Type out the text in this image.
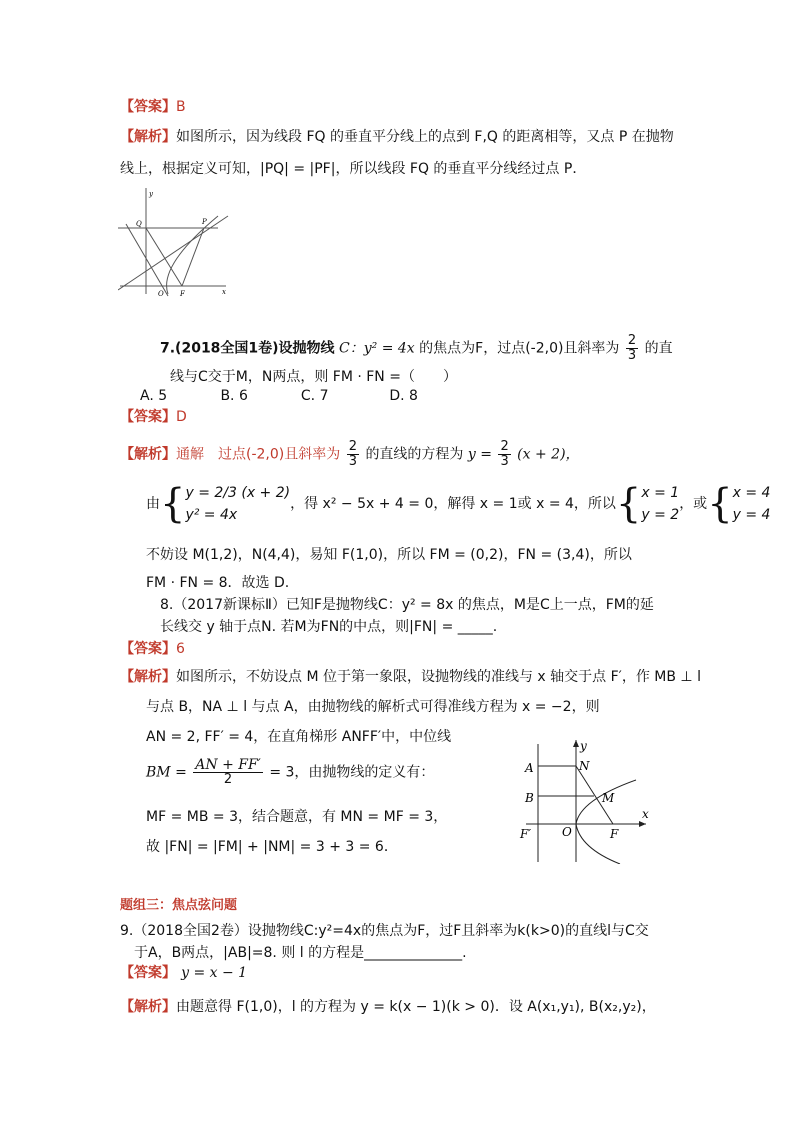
【答案】B
【解析】如图所示，因为线段 FQ 的垂直平分线上的点到 F,Q 的距离相等，又点 P 在抛物
线上，根据定义可知，|PQ| = |PF|，所以线段 FQ 的垂直平分线经过点 P．
y
x
Q	P
O F
7.(2018全国1卷)设抛物线 C：y² = 4x 的焦点为F，过点(-2,0)且斜率为 $\frac{2}{3}$ 的直
线与C交于M，N两点，则 FM · FN =（　　）
A. 5	B. 6	C. 7	D. 8
【答案】D
【解析】通解　过点(-2,0)且斜率为 $\frac{2}{3}$ 的直线的方程为 $y = \frac{2}{3} (x + 2)$，
由{ y = 2/3 (x + 2)
y² = 4x
，得 x² − 5x + 4 = 0，解得 x = 1或 x = 4，所以{ x = 1
y = 2
，或{ x = 4
y = 4
不妨设 M(1,2)，N(4,4)，易知 F(1,0)，所以 FM = (0,2)，FN = (3,4)，所以
FM · FN = 8．故选 D.
8.（2017新课标Ⅱ）已知F是抛物线C：y² = 8x 的焦点，M是C上一点，FM的延
长线交 y 轴于点N. 若M为FN的中点，则|FN| = _____.
【答案】6
【解析】如图所示，不妨设点 M 位于第一象限，设抛物线的准线与 x 轴交于点 F′，作 MB ⊥ l
与点 B，NA ⊥ l 与点 A，由抛物线的解析式可得准线方程为 x = −2，则
AN = 2, FF′ = 4，在直角梯形 ANFF′中，中位线
BM = $\frac{AN + FF'}{2} = 3$，由抛物线的定义有：
MF = MB = 3，结合题意，有 MN = MF = 3，
故 |FN| = |FM| + |NM| = 3 + 3 = 6．
A	N
B	M
y
x
F′	O	F
题组三：焦点弦问题
9.（2018全国2卷）设抛物线C:y²=4x的焦点为F，过F且斜率为k(k>0)的直线l与C交
于A，B两点，|AB|=8. 则 l 的方程是______________.
【答案】 y = x − 1
【解析】由题意得 F(1,0)，l 的方程为 y = k(x − 1)(k > 0)．设 A(x₁,y₁), B(x₂,y₂)，
